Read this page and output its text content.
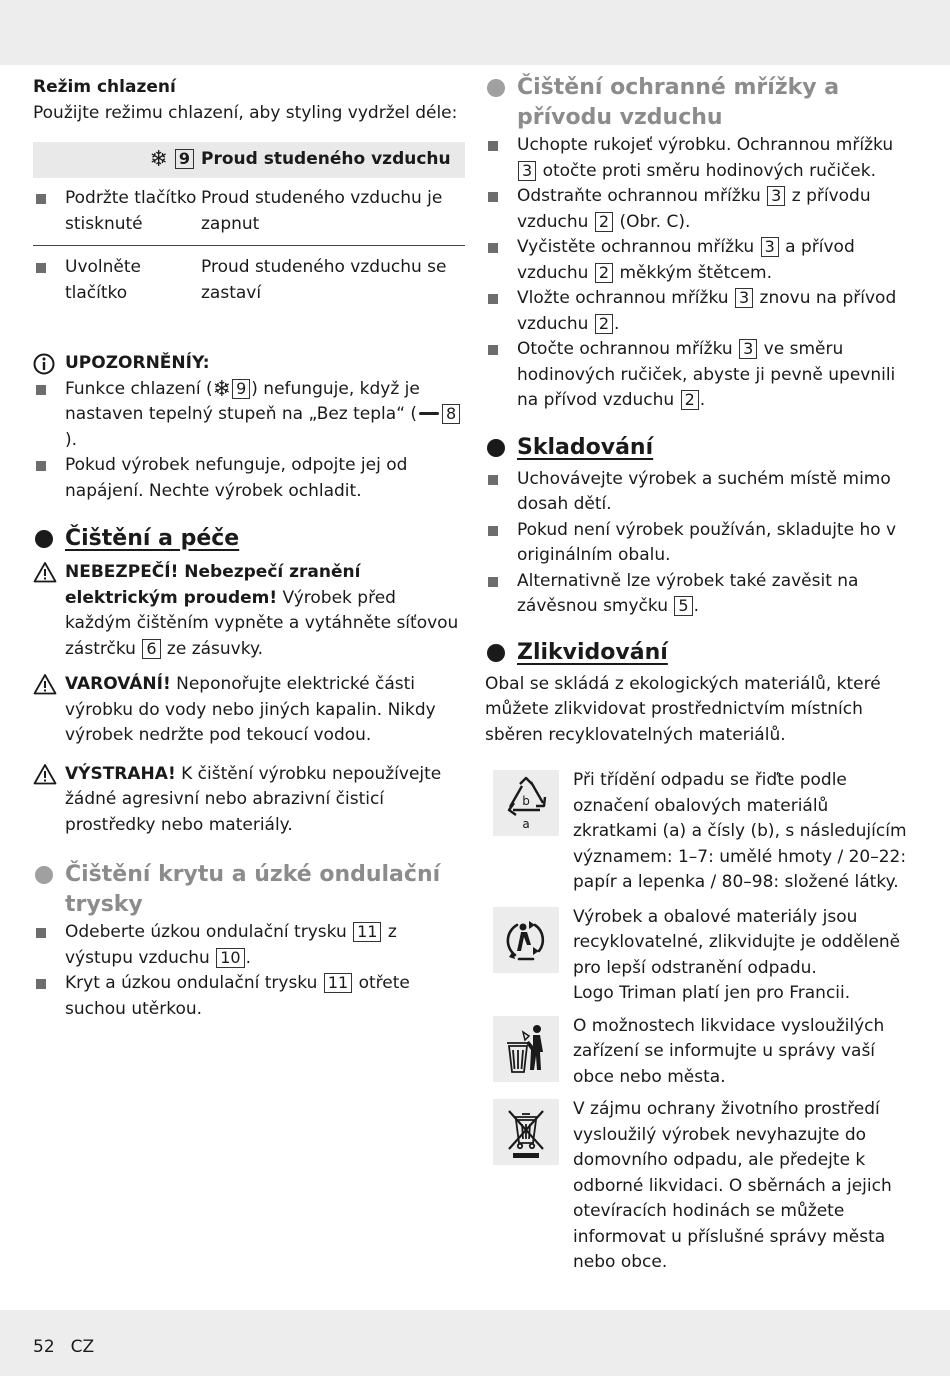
Režim chlazení

Použijte režimu chlazení, aby styling vydržel déle:

❄ 9	Proud studeného vzduchu

Podržte tlačítko stisknuté	Proud studeného vzduchu je zapnut

Uvolněte tlačítko	Proud studeného vzduchu se zastaví

UPOZORNĚNÍY:

Funkce chlazení (❄ 9 ) nefunguje, když je nastaven tepelný stupeň na „Bez tepla“ ( 8).
Pokud výrobek nefunguje, odpojte jej od napájení. Nechte výrobek ochladit.

Čištění a péče

NEBEZPEČÍ! Nebezpečí zranění elektrickým proudem! Výrobek před každým čištěním vypněte a vytáhněte síťovou zástrčku 6 ze zásuvky.

VAROVÁNÍ! Neponořujte elektrické části výrobku do vody nebo jiných kapalin. Nikdy výrobek nedržte pod tekoucí vodou.

VÝSTRAHA! K čištění výrobku nepoužívejte žádné agresivní nebo abrazivní čisticí prostředky nebo materiály.

Čištění krytu a úzké ondulační trysky

Odeberte úzkou ondulační trysku 11 z výstupu vzduchu 10 .
Kryt a úzkou ondulační trysku 11 otřete suchou utěrkou.

Čištění ochranné mřížky a přívodu vzduchu

Uchopte rukojeť výrobku. Ochrannou mřížku 3 otočte proti směru hodinových ručiček.
Odstraňte ochrannou mřížku 3 z přívodu vzduchu 2 (Obr. C).
Vyčistěte ochrannou mřížku 3 a přívod vzduchu 2 měkkým štětcem.
Vložte ochrannou mřížku 3 znovu na přívod vzduchu 2 .
Otočte ochrannou mřížku 3 ve směru hodinových ručiček, abyste ji pevně upevnili na přívod vzduchu 2 .

Skladování

Uchovávejte výrobek a suchém místě mimo dosah dětí.
Pokud není výrobek používán, skladujte ho v originálním obalu.
Alternativně lze výrobek také zavěsit na závěsnou smyčku 5 .

Zlikvidování

Obal se skládá z ekologických materiálů, které můžete zlikvidovat prostřednictvím místních sběren recyklovatelných materiálů.

b
a

Při třídění odpadu se řiďte podle označení obalových materiálů zkratkami (a) a čísly (b), s následujícím významem: 1–7: umělé hmoty / 20–22: papír a lepenka / 80–98: složené látky.

Výrobek a obalové materiály jsou recyklovatelné, zlikvidujte je odděleně pro lepší odstranění odpadu.

Logo Triman platí jen pro Francii.

O možnostech likvidace vysloužilých zařízení se informujte u správy vaší obce nebo města.

V zájmu ochrany životního prostředí vysloužilý výrobek nevyhazujte do domovního odpadu, ale předejte k odborné likvidaci. O sběrnách a jejich otevíracích hodinách se můžete informovat u příslušné správy města nebo obce.

52 CZ
